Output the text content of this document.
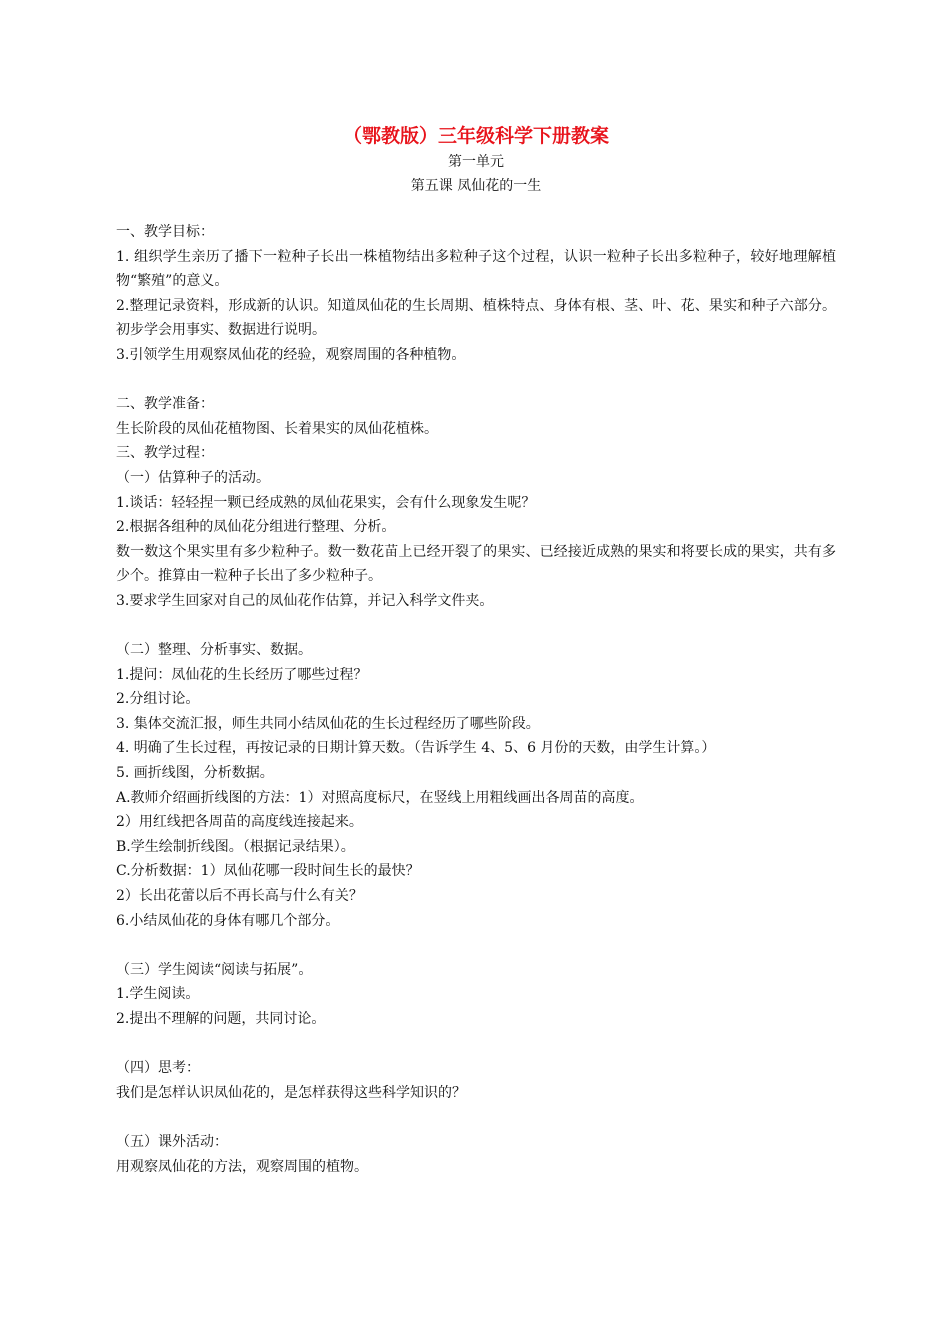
（鄂教版）三年级科学下册教案

第一单元

第五课 凤仙花的一生

一、教学目标：

1. 组织学生亲历了播下一粒种子长出一株植物结出多粒种子这个过程，认识一粒种子长出多粒种子，较好地理解植物“繁殖”的意义。

2.整理记录资料，形成新的认识。知道凤仙花的生长周期、植株特点、身体有根、茎、叶、花、果实和种子六部分。初步学会用事实、数据进行说明。

3.引领学生用观察凤仙花的经验，观察周围的各种植物。

二、教学准备：

生长阶段的凤仙花植物图、长着果实的凤仙花植株。

三、教学过程：

（一）估算种子的活动。

1.谈话：轻轻捏一颗已经成熟的凤仙花果实，会有什么现象发生呢？

2.根据各组种的凤仙花分组进行整理、分析。

数一数这个果实里有多少粒种子。数一数花苗上已经开裂了的果实、已经接近成熟的果实和将要长成的果实，共有多少个。推算由一粒种子长出了多少粒种子。

3.要求学生回家对自己的凤仙花作估算，并记入科学文件夹。

（二）整理、分析事实、数据。

1.提问：凤仙花的生长经历了哪些过程？

2.分组讨论。

3. 集体交流汇报，师生共同小结凤仙花的生长过程经历了哪些阶段。

4. 明确了生长过程，再按记录的日期计算天数。（告诉学生 4、5、6 月份的天数，由学生计算。）

5. 画折线图，分析数据。

A.教师介绍画折线图的方法：1）对照高度标尺，在竖线上用粗线画出各周苗的高度。

2）用红线把各周苗的高度线连接起来。

B.学生绘制折线图。（根据记录结果）。

C.分析数据：1）凤仙花哪一段时间生长的最快？

2）长出花蕾以后不再长高与什么有关？

6.小结凤仙花的身体有哪几个部分。

（三）学生阅读“阅读与拓展”。

1.学生阅读。

2.提出不理解的问题，共同讨论。

（四）思考：

我们是怎样认识凤仙花的，是怎样获得这些科学知识的？

（五）课外活动：

用观察凤仙花的方法，观察周围的植物。
